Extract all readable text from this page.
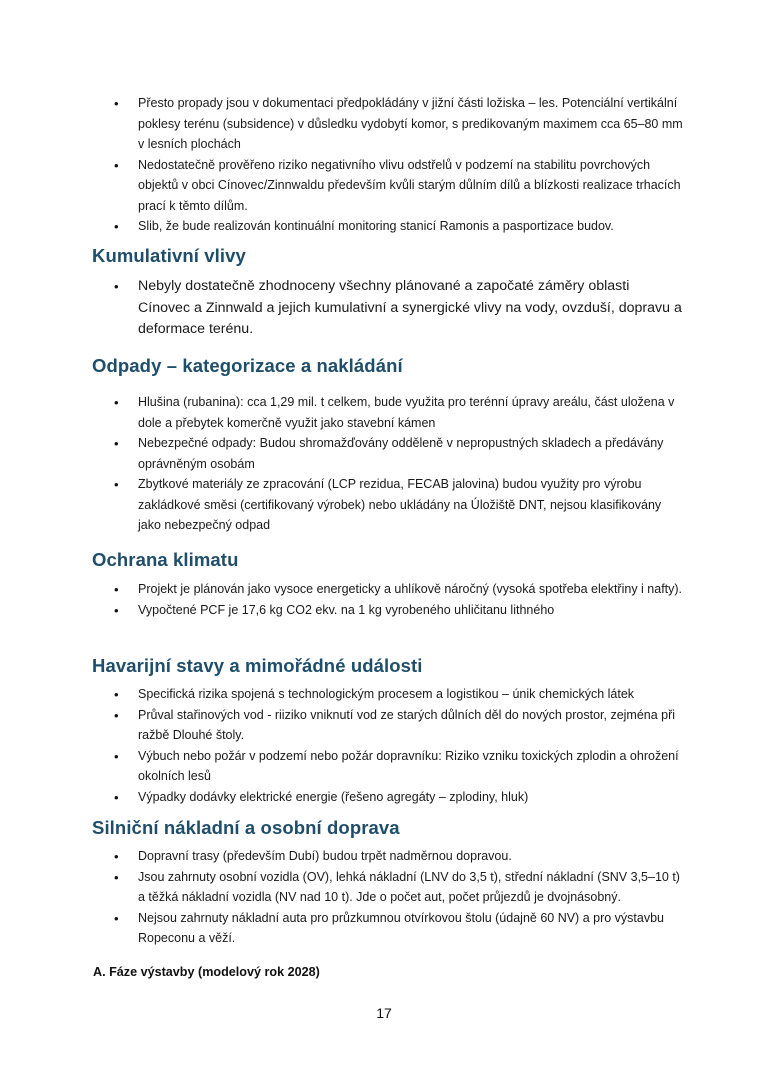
• Přesto propady jsou v dokumentaci předpokládány v jižní části ložiska – les. Potenciální vertikální poklesy terénu (subsidence) v důsledku vydobytí komor, s predikovaným maximem cca 65–80 mm v lesních plochách
• Nedostatečně prověřeno riziko negativního vlivu odstřelů v podzemí na stabilitu povrchových objektů v obci Cínovec/Zinnwaldu především kvůli starým důlním dílů a blízkosti realizace trhacích prací k těmto dílům.
• Slib, že bude realizován kontinuální monitoring stanicí Ramonis a pasportizace budov.
Kumulativní vlivy
• Nebyly dostatečně zhodnoceny všechny plánované a započaté záměry oblasti Cínovec a Zinnwald a jejich kumulativní a synergické vlivy na vody, ovzduší, dopravu a deformace terénu.
Odpady – kategorizace a nakládání
• Hlušina (rubanina): cca 1,29 mil. t celkem, bude využita pro terénní úpravy areálu, část uložena v dole a přebytek komerčně využit jako stavební kámen
• Nebezpečné odpady: Budou shromažďovány odděleně v nepropustných skladech a předávány oprávněným osobám
• Zbytkové materiály ze zpracování (LCP rezidua, FECAB jalovina) budou využity pro výrobu zakládkové směsi (certifikovaný výrobek) nebo ukládány na Úložiště DNT, nejsou klasifikovány jako nebezpečný odpad
Ochrana klimatu
• Projekt je plánován jako vysoce energeticky a uhlíkově náročný (vysoká spotřeba elektřiny i nafty).
• Vypočtené PCF je 17,6 kg CO2 ekv. na 1 kg vyrobeného uhličitanu lithného
Havarijní stavy a mimořádné události
• Specifická rizika spojená s technologickým procesem a logistikou – únik chemických látek
• Průval stařinových vod - riiziko vniknutí vod ze starých důlních děl do nových prostor, zejména při ražbě Dlouhé štoly.
• Výbuch nebo požár v podzemí nebo požár dopravníku: Riziko vzniku toxických zplodin a ohrožení okolních lesů
• Výpadky dodávky elektrické energie (řešeno agregáty – zplodiny, hluk)
Silniční nákladní a osobní doprava
• Dopravní trasy (především Dubí) budou trpět nadměrnou dopravou.
• Jsou zahrnuty osobní vozidla (OV), lehká nákladní (LNV do 3,5 t), střední nákladní (SNV 3,5–10 t) a těžká nákladní vozidla (NV nad 10 t). Jde o počet aut, počet průjezdů je dvojnásobný.
• Nejsou zahrnuty nákladní auta pro průzkumnou otvírkovou štolu (údajně 60 NV) a pro výstavbu Ropeconu a věží.
A. Fáze výstavby (modelový rok 2028)
17
